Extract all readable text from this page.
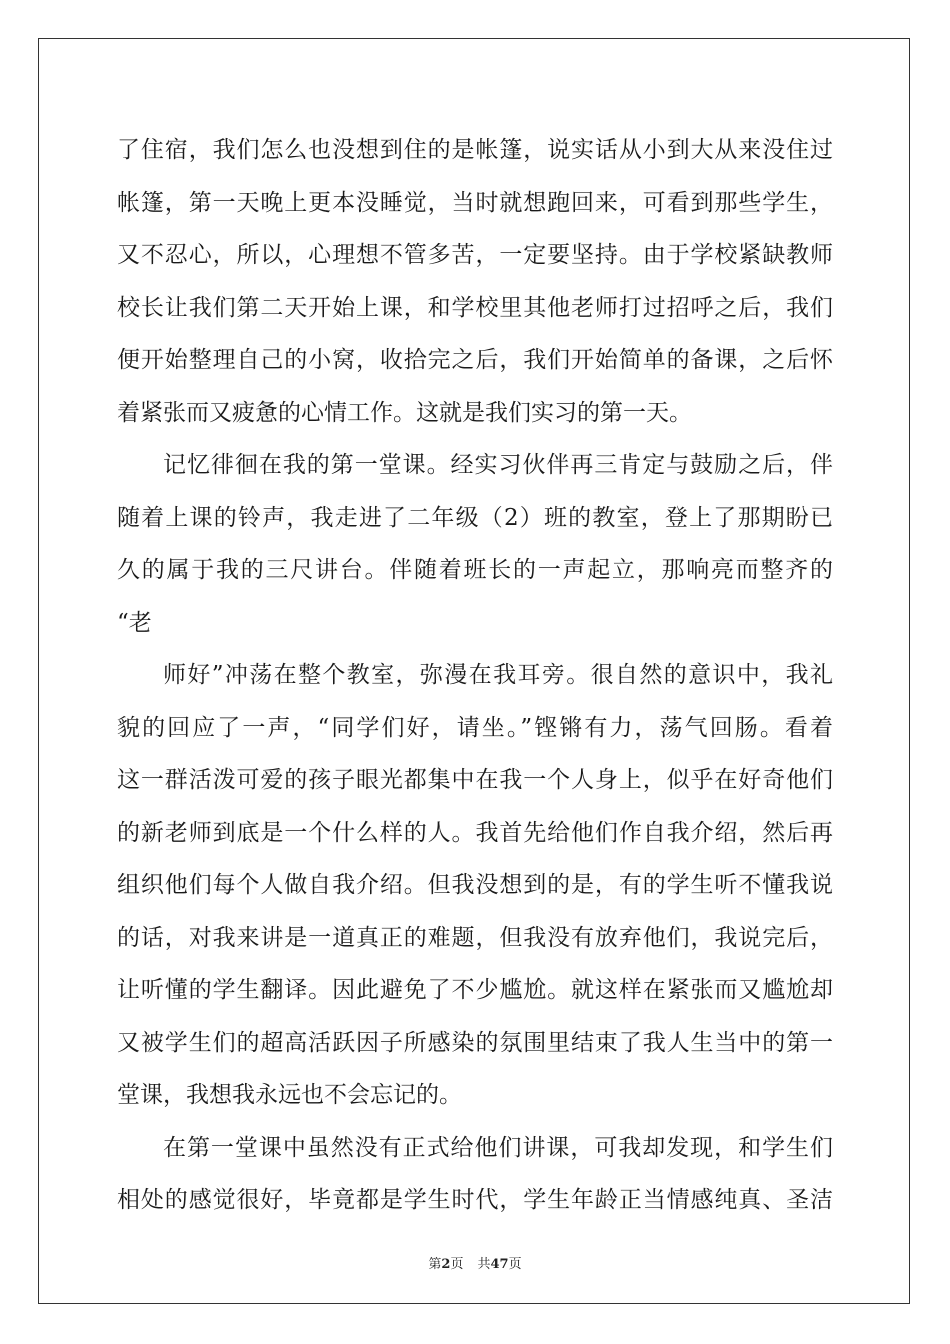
了住宿，我们怎么也没想到住的是帐篷，说实话从小到大从来没住过
帐篷，第一天晚上更本没睡觉，当时就想跑回来，可看到那些学生，
又不忍心，所以，心理想不管多苦，一定要坚持。由于学校紧缺教师
校长让我们第二天开始上课，和学校里其他老师打过招呼之后，我们
便开始整理自己的小窝，收拾完之后，我们开始简单的备课，之后怀
着紧张而又疲惫的心情工作。这就是我们实习的第一天。
记忆徘徊在我的第一堂课。经实习伙伴再三肯定与鼓励之后，伴
随着上课的铃声，我走进了二年级（2）班的教室，登上了那期盼已
久的属于我的三尺讲台。伴随着班长的一声起立，那响亮而整齐的
“老
师好”冲荡在整个教室，弥漫在我耳旁。很自然的意识中，我礼
貌的回应了一声，“同学们好，请坐。”铿锵有力，荡气回肠。看着
这一群活泼可爱的孩子眼光都集中在我一个人身上，似乎在好奇他们
的新老师到底是一个什么样的人。我首先给他们作自我介绍，然后再
组织他们每个人做自我介绍。但我没想到的是，有的学生听不懂我说
的话，对我来讲是一道真正的难题，但我没有放弃他们，我说完后，
让听懂的学生翻译。因此避免了不少尴尬。就这样在紧张而又尴尬却
又被学生们的超高活跃因子所感染的氛围里结束了我人生当中的第一
堂课，我想我永远也不会忘记的。
在第一堂课中虽然没有正式给他们讲课，可我却发现，和学生们
相处的感觉很好，毕竟都是学生时代，学生年龄正当情感纯真、圣洁
第2页 共47页
